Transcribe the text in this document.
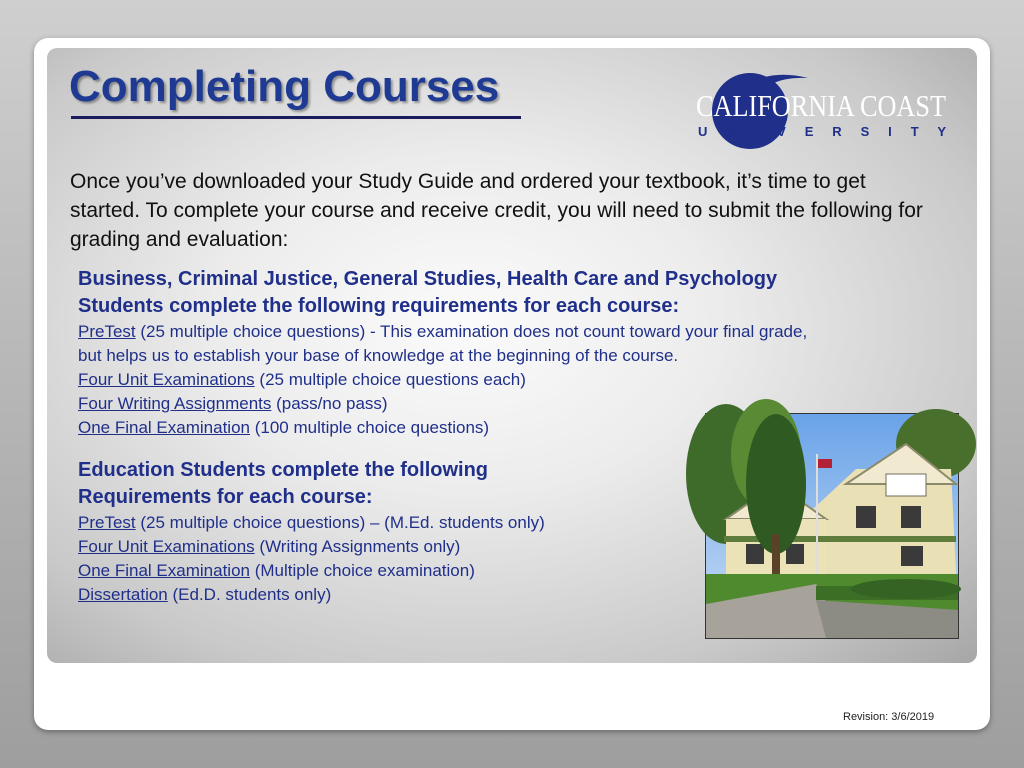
Completing Courses	CALIFORNIA COAST
U N I V E R S I T Y

Once you’ve downloaded your Study Guide and ordered your textbook, it’s time to get started. To complete your course and receive credit, you will need to submit the following for grading and evaluation:

Business, Criminal Justice, General Studies, Health Care and Psychology

Students complete the following requirements for each course:

PreTest (25 multiple choice questions) - This examination does not count toward your final grade,

but helps us to establish your base of knowledge at the beginning of the course.

Four Unit Examinations (25 multiple choice questions each)

Four Writing Assignments (pass/no pass)

One Final Examination (100 multiple choice questions)

Education Students complete the following

Requirements for each course:

PreTest (25 multiple choice questions) – (M.Ed. students only)

Four Unit Examinations (Writing Assignments only)

One Final Examination (Multiple choice examination)

Dissertation (Ed.D. students only)

Revision: 3/6/2019
